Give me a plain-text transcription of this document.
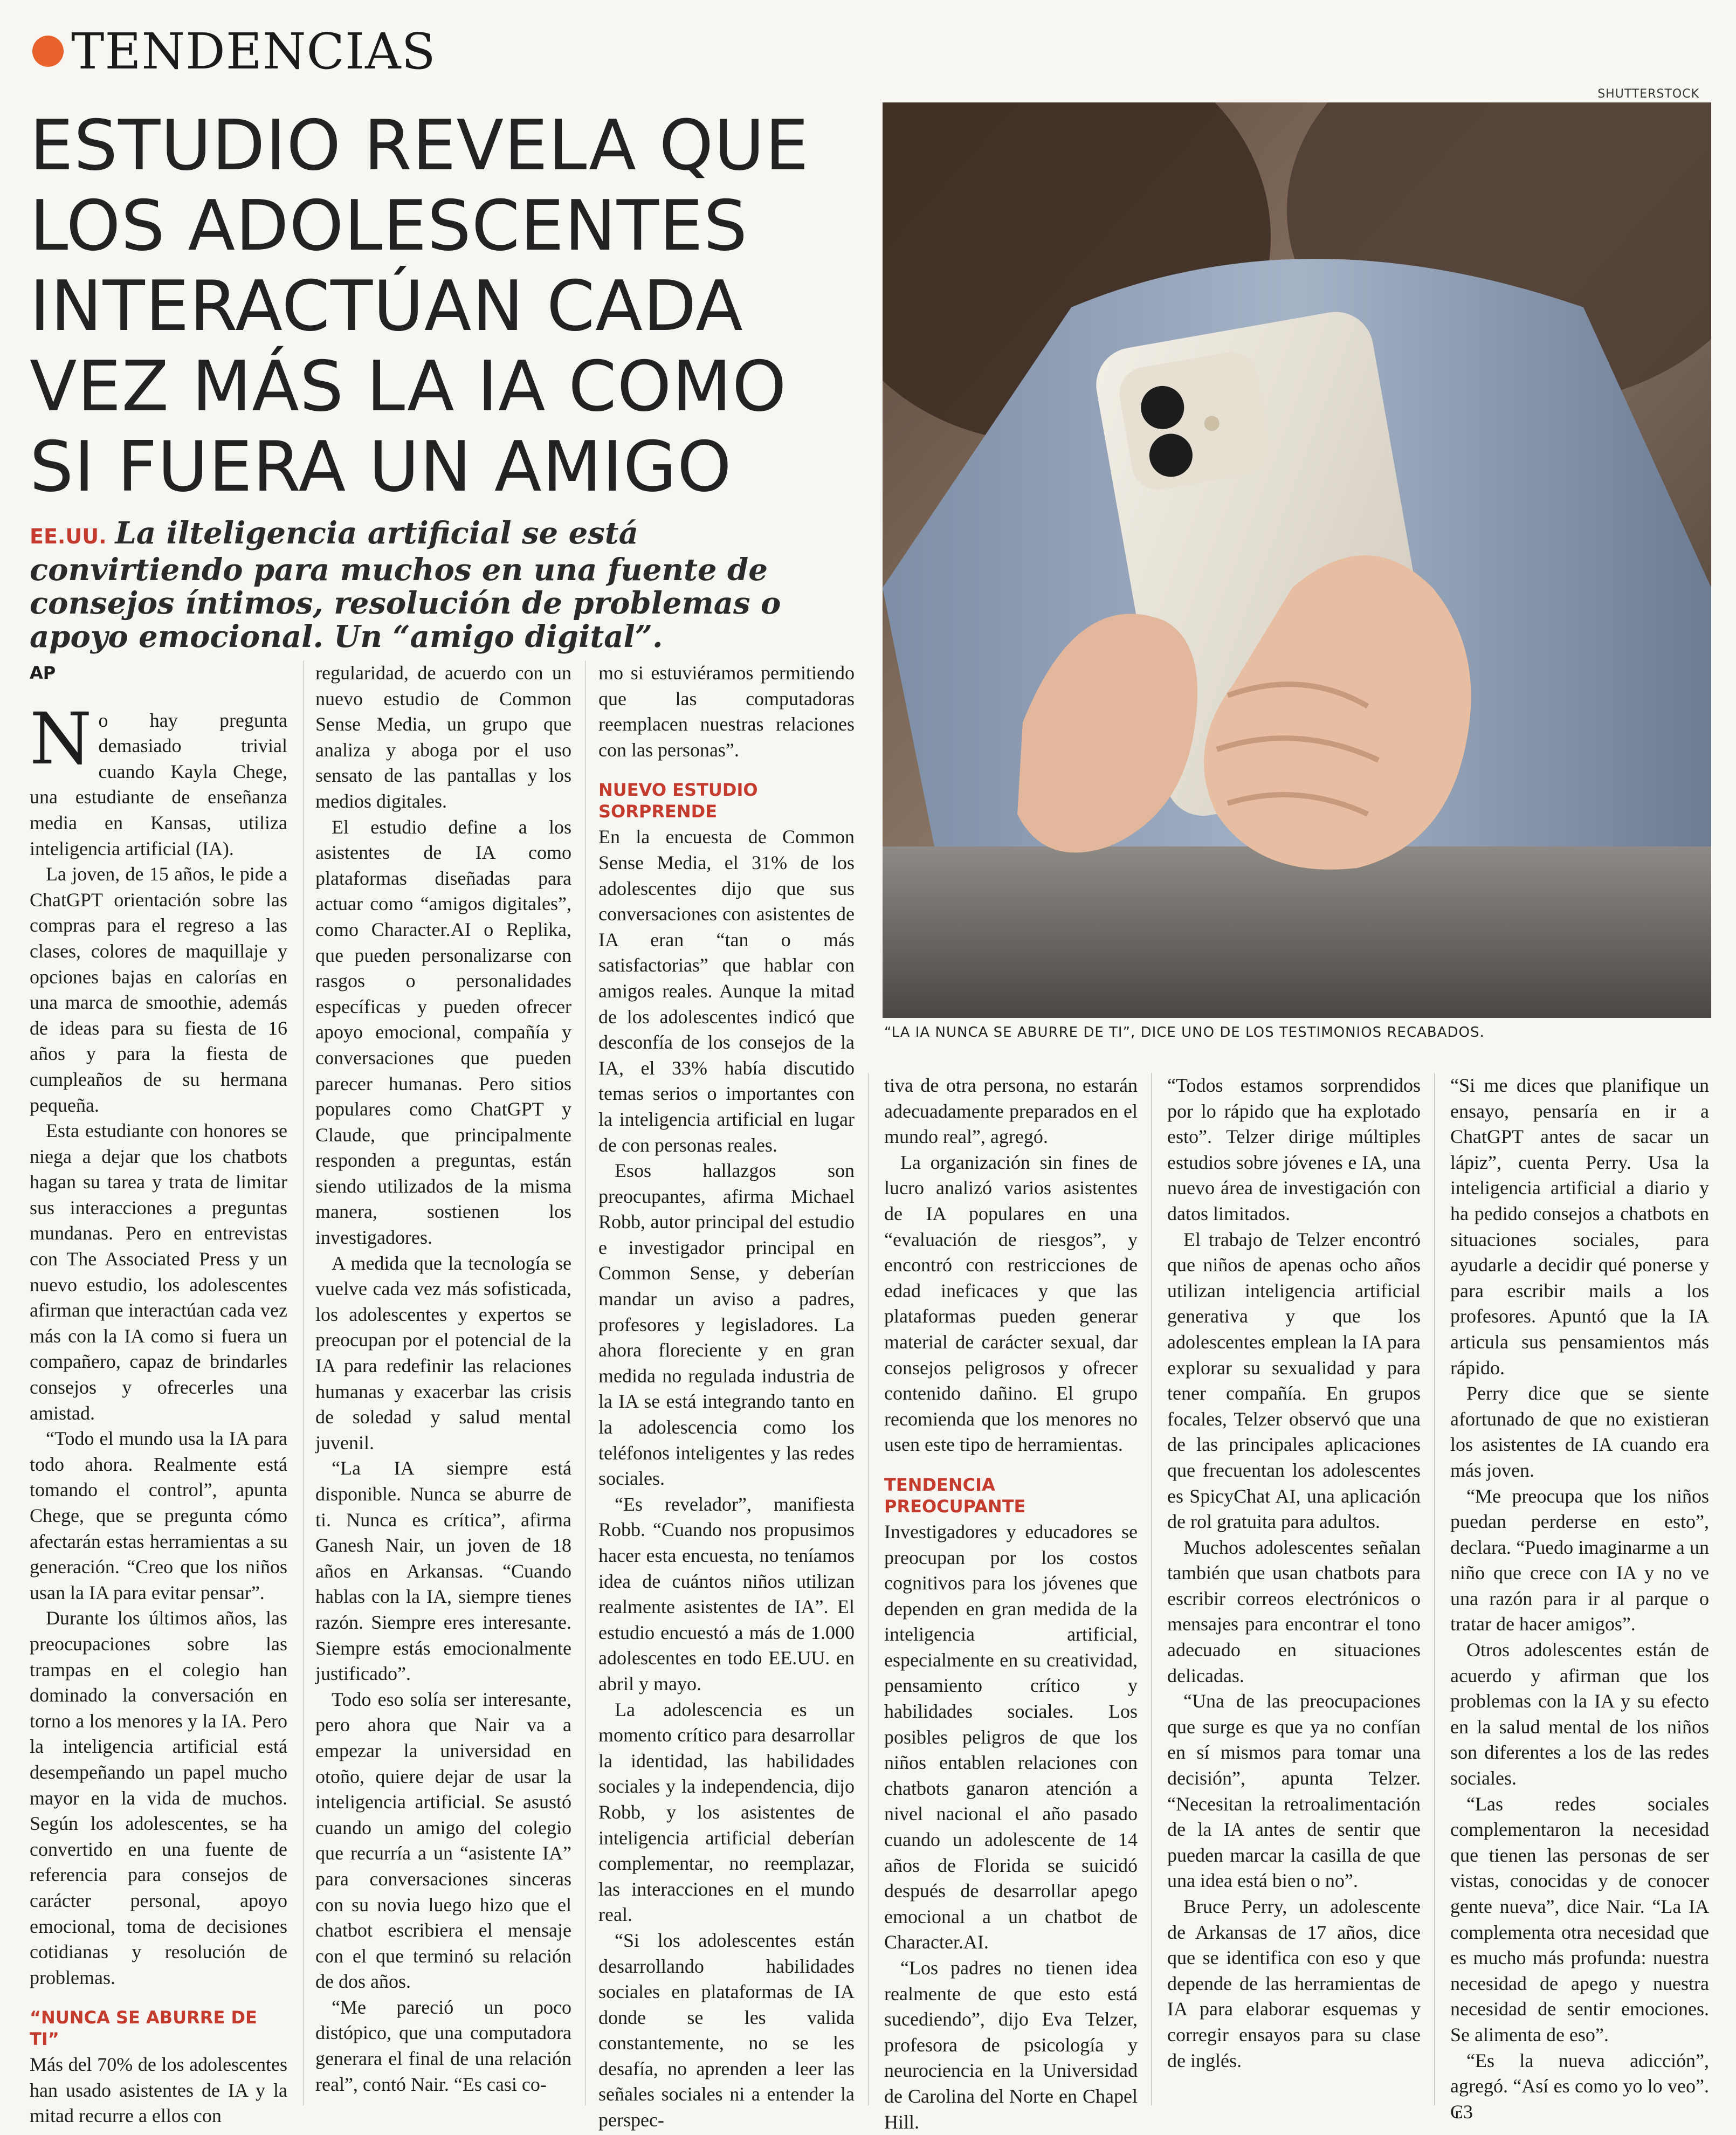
TENDENCIAS
ESTUDIO REVELA QUE LOS ADOLESCENTES INTERACTÚAN CADA VEZ MÁS LA IA COMO SI FUERA UN AMIGO
EE.UU. La ilteligencia artificial se está convirtiendo para muchos en una fuente de consejos íntimos, resolución de problemas o apoyo emocional. Un “amigo digital”.
SHUTTERSTOCK
“LA IA NUNCA SE ABURRE DE TI”, DICE UNO DE LOS TESTIMONIOS RECABADOS.
AP

No hay pregunta demasiado trivial cuando Kayla Chege, una estudiante de enseñanza media en Kansas, utiliza inteligencia artificial (IA).

La joven, de 15 años, le pide a ChatGPT orientación sobre las compras para el regreso a las clases, colores de maquillaje y opciones bajas en calorías en una marca de smoothie, además de ideas para su fiesta de 16 años y para la fiesta de cumpleaños de su hermana pequeña.

Esta estudiante con honores se niega a dejar que los chatbots hagan su tarea y trata de limitar sus interacciones a preguntas mundanas. Pero en entrevistas con The Associated Press y un nuevo estudio, los adolescentes afirman que interactúan cada vez más con la IA como si fuera un compañero, capaz de brindarles consejos y ofrecerles una amistad.

“Todo el mundo usa la IA para todo ahora. Realmente está tomando el control”, apunta Chege, que se pregunta cómo afectarán estas herramientas a su generación. “Creo que los niños usan la IA para evitar pensar”.

Durante los últimos años, las preocupaciones sobre las trampas en el colegio han dominado la conversación en torno a los menores y la IA. Pero la inteligencia artificial está desempeñando un papel mucho mayor en la vida de muchos. Según los adolescentes, se ha convertido en una fuente de referencia para consejos de carácter personal, apoyo emocional, toma de decisiones cotidianas y resolución de problemas.

“NUNCA SE ABURRE DE TI”

Más del 70% de los adolescentes han usado asistentes de IA y la mitad recurre a ellos con

regularidad, de acuerdo con un nuevo estudio de Common Sense Media, un grupo que analiza y aboga por el uso sensato de las pantallas y los medios digitales.

El estudio define a los asistentes de IA como plataformas diseñadas para actuar como “amigos digitales”, como Character.AI o Replika, que pueden personalizarse con rasgos o personalidades específicas y pueden ofrecer apoyo emocional, compañía y conversaciones que pueden parecer humanas. Pero sitios populares como ChatGPT y Claude, que principalmente responden a preguntas, están siendo utilizados de la misma manera, sostienen los investigadores.

A medida que la tecnología se vuelve cada vez más sofisticada, los adolescentes y expertos se preocupan por el potencial de la IA para redefinir las relaciones humanas y exacerbar las crisis de soledad y salud mental juvenil.

“La IA siempre está disponible. Nunca se aburre de ti. Nunca es crítica”, afirma Ganesh Nair, un joven de 18 años en Arkansas. “Cuando hablas con la IA, siempre tienes razón. Siempre eres interesante. Siempre estás emocionalmente justificado”.

Todo eso solía ser interesante, pero ahora que Nair va a empezar la universidad en otoño, quiere dejar de usar la inteligencia artificial. Se asustó cuando un amigo del colegio que recurría a un “asistente IA” para conversaciones sinceras con su novia luego hizo que el chatbot escribiera el mensaje con el que terminó su relación de dos años.

“Me pareció un poco distópico, que una computadora generara el final de una relación real”, contó Nair. “Es casi co-

mo si estuviéramos permitiendo que las computadoras reemplacen nuestras relaciones con las personas”.

NUEVO ESTUDIO SORPRENDE

En la encuesta de Common Sense Media, el 31% de los adolescentes dijo que sus conversaciones con asistentes de IA eran “tan o más satisfactorias” que hablar con amigos reales. Aunque la mitad de los adolescentes indicó que desconfía de los consejos de la IA, el 33% había discutido temas serios o importantes con la inteligencia artificial en lugar de con personas reales.

Esos hallazgos son preocupantes, afirma Michael Robb, autor principal del estudio e investigador principal en Common Sense, y deberían mandar un aviso a padres, profesores y legisladores. La ahora floreciente y en gran medida no regulada industria de la IA se está integrando tanto en la adolescencia como los teléfonos inteligentes y las redes sociales.

“Es revelador”, manifiesta Robb. “Cuando nos propusimos hacer esta encuesta, no teníamos idea de cuántos niños utilizan realmente asistentes de IA”. El estudio encuestó a más de 1.000 adolescentes en todo EE.UU. en abril y mayo.

La adolescencia es un momento crítico para desarrollar la identidad, las habilidades sociales y la independencia, dijo Robb, y los asistentes de inteligencia artificial deberían complementar, no reemplazar, las interacciones en el mundo real.

“Si los adolescentes están desarrollando habilidades sociales en plataformas de IA donde se les valida constantemente, no se les desafía, no aprenden a leer las señales sociales ni a entender la perspec-

tiva de otra persona, no estarán adecuadamente preparados en el mundo real”, agregó.

La organización sin fines de lucro analizó varios asistentes de IA populares en una “evaluación de riesgos”, y encontró con restricciones de edad ineficaces y que las plataformas pueden generar material de carácter sexual, dar consejos peligrosos y ofrecer contenido dañino. El grupo recomienda que los menores no usen este tipo de herramientas.

TENDENCIA PREOCUPANTE

Investigadores y educadores se preocupan por los costos cognitivos para los jóvenes que dependen en gran medida de la inteligencia artificial, especialmente en su creatividad, pensamiento crítico y habilidades sociales. Los posibles peligros de que los niños entablen relaciones con chatbots ganaron atención a nivel nacional el año pasado cuando un adolescente de 14 años de Florida se suicidó después de desarrollar apego emocional a un chatbot de Character.AI.

“Los padres no tienen idea realmente de que esto está sucediendo”, dijo Eva Telzer, profesora de psicología y neurociencia en la Universidad de Carolina del Norte en Chapel Hill.

“Todos estamos sorprendidos por lo rápido que ha explotado esto”. Telzer dirige múltiples estudios sobre jóvenes e IA, una nuevo área de investigación con datos limitados.

El trabajo de Telzer encontró que niños de apenas ocho años utilizan inteligencia artificial generativa y que los adolescentes emplean la IA para explorar su sexualidad y para tener compañía. En grupos focales, Telzer observó que una de las principales aplicaciones que frecuentan los adolescentes es SpicyChat AI, una aplicación de rol gratuita para adultos.

Muchos adolescentes señalan también que usan chatbots para escribir correos electrónicos o mensajes para encontrar el tono adecuado en situaciones delicadas.

“Una de las preocupaciones que surge es que ya no confían en sí mismos para tomar una decisión”, apunta Telzer. “Necesitan la retroalimentación de la IA antes de sentir que pueden marcar la casilla de que una idea está bien o no”.

Bruce Perry, un adolescente de Arkansas de 17 años, dice que se identifica con eso y que depende de las herramientas de IA para elaborar esquemas y corregir ensayos para su clase de inglés.

“Si me dices que planifique un ensayo, pensaría en ir a ChatGPT antes de sacar un lápiz”, cuenta Perry. Usa la inteligencia artificial a diario y ha pedido consejos a chatbots en situaciones sociales, para ayudarle a decidir qué ponerse y para escribir mails a los profesores. Apuntó que la IA articula sus pensamientos más rápido.

Perry dice que se siente afortunado de que no existieran los asistentes de IA cuando era más joven.

“Me preocupa que los niños puedan perderse en esto”, declara. “Puedo imaginarme a un niño que crece con IA y no ve una razón para ir al parque o tratar de hacer amigos”.

Otros adolescentes están de acuerdo y afirman que los problemas con la IA y su efecto en la salud mental de los niños son diferentes a los de las redes sociales.

“Las redes sociales complementaron la necesidad que tienen las personas de ser vistas, conocidas y de conocer gente nueva”, dice Nair. “La IA complementa otra necesidad que es mucho más profunda: nuestra necesidad de apego y nuestra necesidad de sentir emociones. Se alimenta de eso”.

“Es la nueva adicción”, agregó. “Así es como yo lo veo”. ₢3
